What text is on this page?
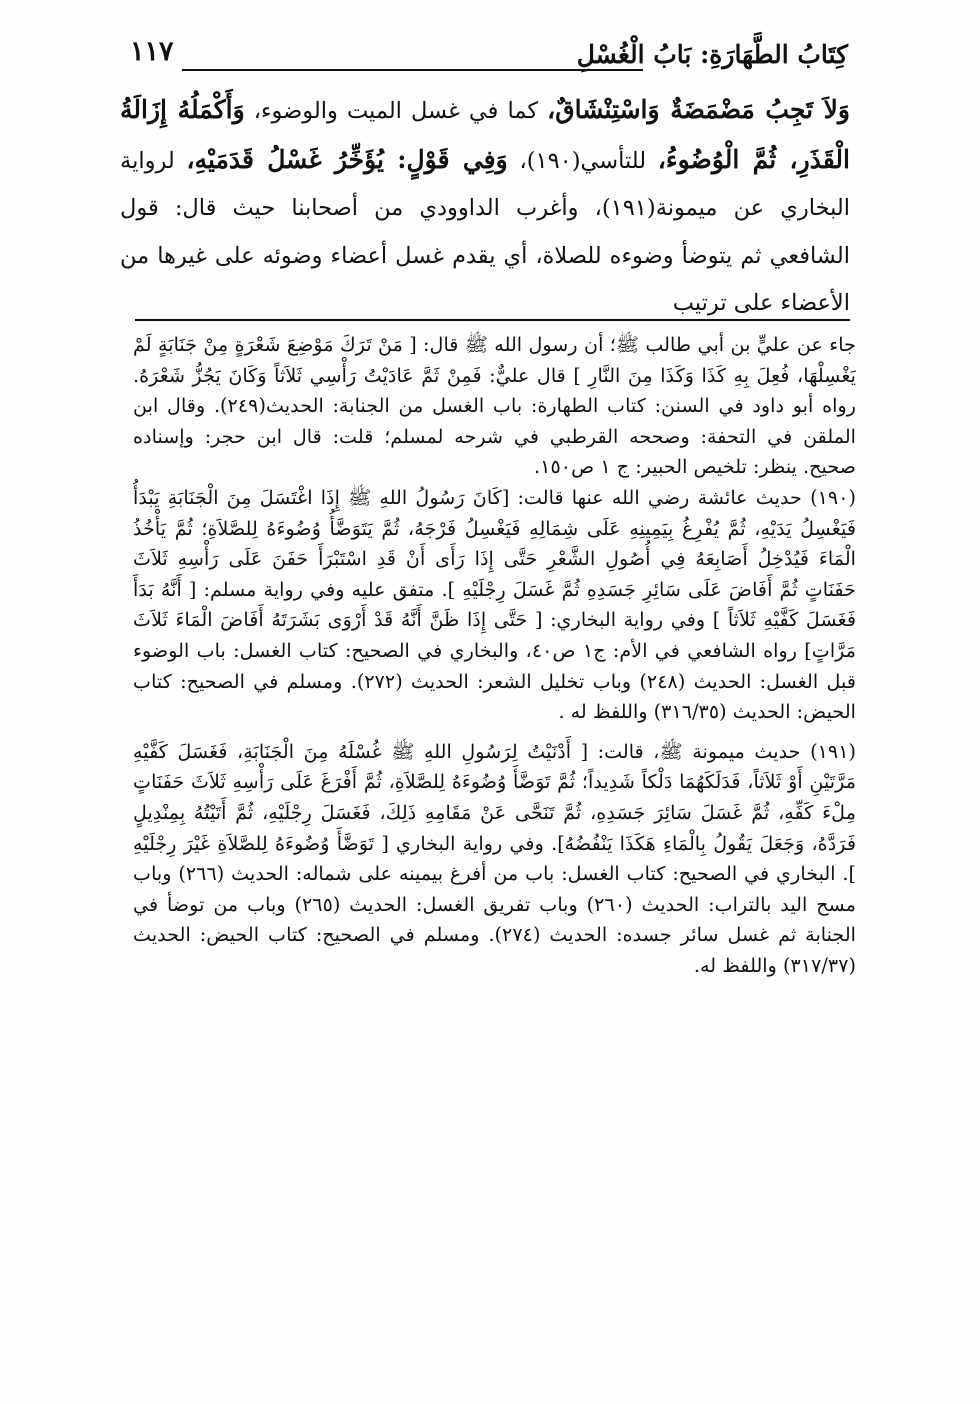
١١٧	كِتَابُ الطَّهَارَةِ: بَابُ الْغُسْلِ
وَلاَ تَجِبُ مَضْمَضَةٌ وَاسْتِنْشَاقٌ، كما في غسل الميت والوضوء، وَأَكْمَلُهُ إِزَالَةُ الْقَذَرِ، ثُمَّ الْوُضُوءُ، للتأسي(١٩٠)، وَفِي قَوْلٍ: يُؤَخِّرُ غَسْلُ قَدَمَيْهِ، لرواية البخاري عن ميمونة(١٩١)، وأغرب الداوودي من أصحابنا حيث قال: قول الشافعي ثم يتوضأ وضوءه للصلاة، أي يقدم غسل أعضاء وضوئه على غيرها من الأعضاء على ترتيب

جاء عن عليٍّ بن أبي طالب ﷺ؛ أن رسول الله ﷺ قال: [ مَنْ تَرَكَ مَوْضِعَ شَعْرَةٍ مِنْ جَنَابَةٍ لَمْ يَغْسِلْهَا، فُعِلَ بِهِ كَذَا وَكَذَا مِنَ النَّارِ ] قال عليٌّ: فَمِنْ ثَمَّ عَادَيْتُ رَأْسِي ثَلاَثاً وَكَانَ يَجُزُّ شَعْرَهُ. رواه أبو داود في السنن: كتاب الطهارة: باب الغسل من الجنابة: الحديث(٢٤٩). وقال ابن الملقن في التحفة: وصححه القرطبي في شرحه لمسلم؛ قلت: قال ابن حجر: وإسناده صحيح. ينظر: تلخيص الحبير: ج ١ ص١٥٠.

(١٩٠) حديث عائشة رضي الله عنها قالت: [كَانَ رَسُولُ اللهِ ﷺ إِذَا اغْتَسَلَ مِنَ الْجَنَابَةِ يَبْدَأُ فَيَغْسِلُ يَدَيْهِ، ثُمَّ يُفْرِغُ بِيَمِينِهِ عَلَى شِمَالِهِ فَيَغْسِلُ فَرْجَهُ، ثُمَّ يَتَوَضَّأُ وُضُوءَهُ لِلصَّلاَةِ؛ ثُمَّ يَأْخُذُ الْمَاءَ فَيُدْخِلُ أَصَابِعَهُ فِي أُصُولِ الشَّعْرِ حَتَّى إِذَا رَأَى أَنْ قَدِ اسْتَبْرَأَ حَفَنَ عَلَى رَأْسِهِ ثَلاَثَ حَفَنَاتٍ ثُمَّ أَفَاضَ عَلَى سَائِرِ جَسَدِهِ ثُمَّ غَسَلَ رِجْلَيْهِ ]. متفق عليه وفي رواية مسلم: [ أَنَّهُ بَدَأَ فَغَسَلَ كَفَّيْهِ ثَلاَثاً ] وفي رواية البخاري: [ حَتَّى إِذَا ظَنَّ أَنَّهُ قَدْ أَرْوَى بَشَرَتَهُ أَفَاضَ الْمَاءَ ثَلاَثَ مَرَّاتٍ] رواه الشافعي في الأم: ج١ ص٤٠، والبخاري في الصحيح: كتاب الغسل: باب الوضوء قبل الغسل: الحديث (٢٤٨) وباب تخليل الشعر: الحديث (٢٧٢). ومسلم في الصحيح: كتاب الحيض: الحديث (٣١٦/٣٥) واللفظ له .

(١٩١) حديث ميمونة ﷺ، قالت: [ أَدْنَيْتُ لِرَسُولِ اللهِ ﷺ غُسْلَهُ مِنَ الْجَنَابَةِ، فَغَسَلَ كَفَّيْهِ مَرَّتَيْنِ أَوْ ثَلاَثاً، فَدَلَكَهُمَا دَلْكاً شَدِيداً؛ ثُمَّ تَوَضَّأَ وُضُوءَهُ لِلصَّلاَةِ، ثُمَّ أَفْرَغَ عَلَى رَأْسِهِ ثَلاَثَ حَفَنَاتٍ مِلْءَ كَفِّهِ، ثُمَّ غَسَلَ سَائِرَ جَسَدِهِ، ثُمَّ تَنَحَّى عَنْ مَقَامِهِ ذَلِكَ، فَغَسَلَ رِجْلَيْهِ، ثُمَّ أَتَيْتُهُ بِمِنْدِيلٍ فَرَدَّهُ، وَجَعَلَ يَقُولُ بِالْمَاءِ هَكَذَا يَنْفُضُهُ]. وفي رواية البخاري [ تَوَضَّأَ وُضُوءَهُ لِلصَّلاَةِ غَيْرَ رِجْلَيْهِ ]. البخاري في الصحيح: كتاب الغسل: باب من أفرغ بيمينه على شماله: الحديث (٢٦٦) وباب مسح اليد بالتراب: الحديث (٢٦٠) وباب تفريق الغسل: الحديث (٢٦٥) وباب من توضأ في الجنابة ثم غسل سائر جسده: الحديث (٢٧٤). ومسلم في الصحيح: كتاب الحيض: الحديث (٣١٧/٣٧) واللفظ له.
